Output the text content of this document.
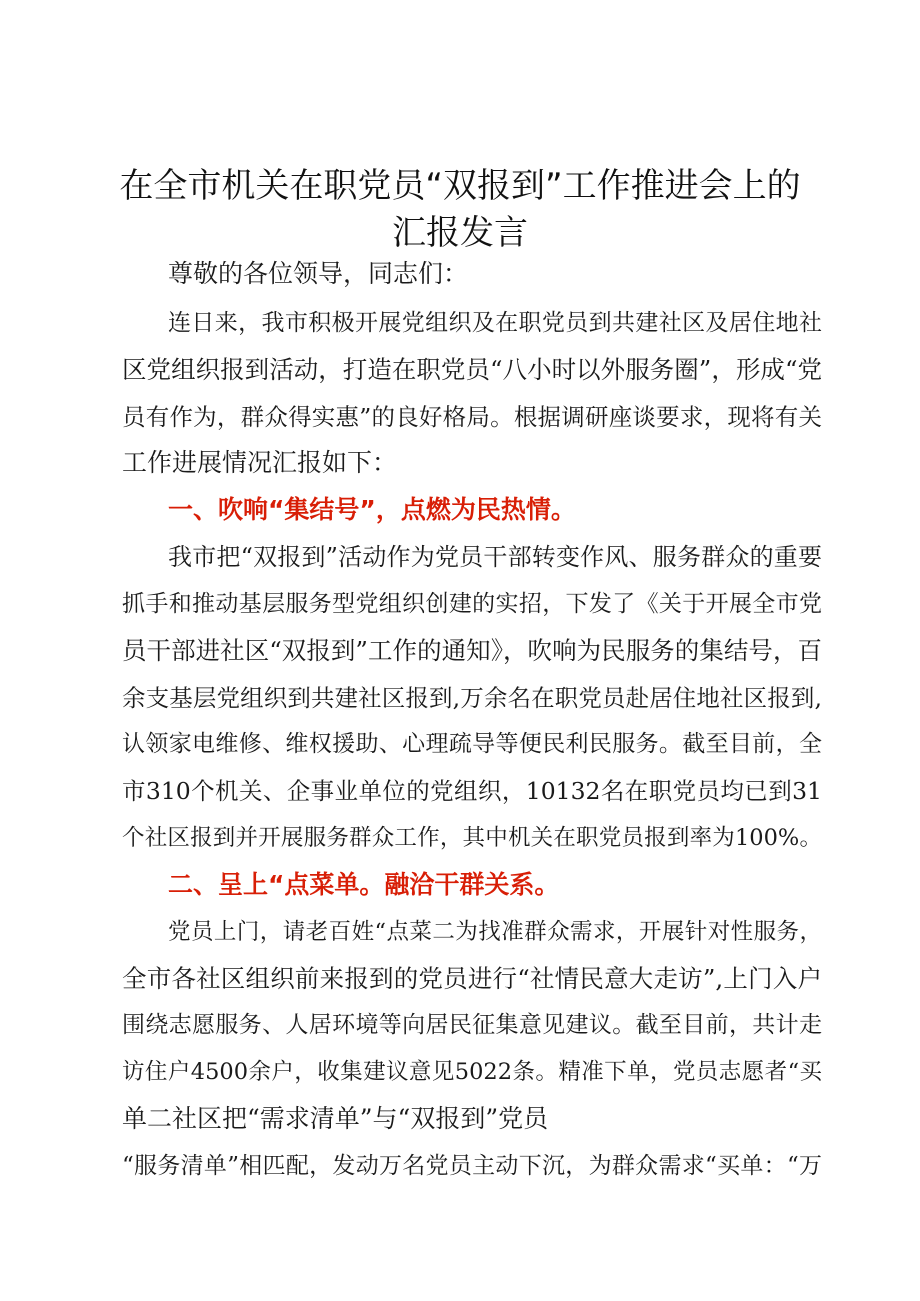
在全市机关在职党员“双报到”工作推进会上的
汇报发言
尊敬的各位领导，同志们：
连日来，我市积极开展党组织及在职党员到共建社区及居住地社
区党组织报到活动，打造在职党员“八小时以外服务圈”，形成“党
员有作为，群众得实惠”的良好格局。根据调研座谈要求，现将有关
工作进展情况汇报如下：
一、吹响“集结号”，点燃为民热情。
我市把“双报到”活动作为党员干部转变作风、服务群众的重要
抓手和推动基层服务型党组织创建的实招，下发了《关于开展全市党
员干部进社区“双报到”工作的通知》，吹响为民服务的集结号，百
余支基层党组织到共建社区报到,万余名在职党员赴居住地社区报到,
认领家电维修、维权援助、心理疏导等便民利民服务。截至目前，全
市310个机关、企事业单位的党组织，10132名在职党员均已到31
个社区报到并开展服务群众工作，其中机关在职党员报到率为100%。
二、呈上“点菜单。融洽干群关系。
党员上门，请老百姓“点菜二为找准群众需求，开展针对性服务，
全市各社区组织前来报到的党员进行“社情民意大走访”,上门入户
围绕志愿服务、人居环境等向居民征集意见建议。截至目前，共计走
访住户4500余户，收集建议意见5022条。精准下单，党员志愿者“买
单二社区把“需求清单”与“双报到”党员
“服务清单”相匹配，发动万名党员主动下沉，为群众需求“买单：“万
